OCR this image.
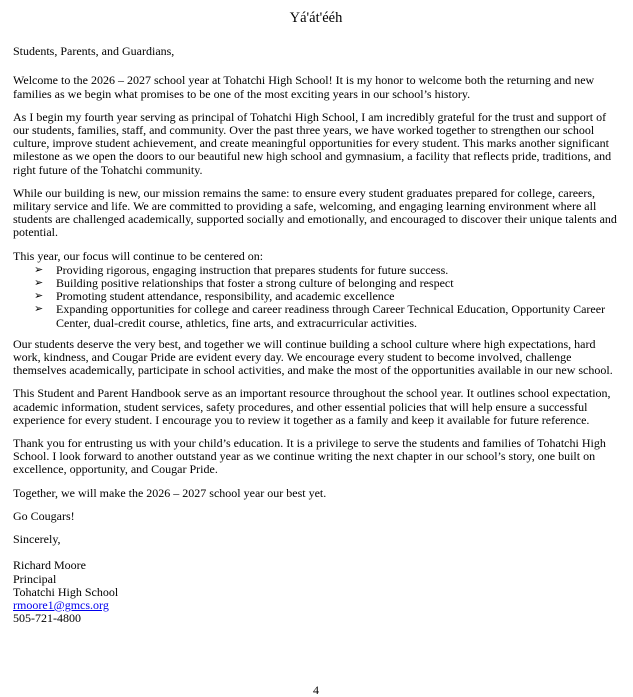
Yá'át'ééh

Students, Parents, and Guardians,

Welcome to the 2026 – 2027 school year at Tohatchi High School! It is my honor to welcome both the returning and new families as we begin what promises to be one of the most exciting years in our school’s history.

As I begin my fourth year serving as principal of Tohatchi High School, I am incredibly grateful for the trust and support of our students, families, staff, and community. Over the past three years, we have worked together to strengthen our school culture, improve student achievement, and create meaningful opportunities for every student. This marks another significant milestone as we open the doors to our beautiful new high school and gymnasium, a facility that reflects pride, traditions, and right future of the Tohatchi community.

While our building is new, our mission remains the same: to ensure every student graduates prepared for college, careers, military service and life. We are committed to providing a safe, welcoming, and engaging learning environment where all students are challenged academically, supported socially and emotionally, and encouraged to discover their unique talents and potential.

This year, our focus will continue to be centered on:

➢ Providing rigorous, engaging instruction that prepares students for future success.
➢ Building positive relationships that foster a strong culture of belonging and respect
➢ Promoting student attendance, responsibility, and academic excellence
➢ Expanding opportunities for college and career readiness through Career Technical Education, Opportunity Career Center, dual-credit course, athletics, fine arts, and extracurricular activities.

Our students deserve the very best, and together we will continue building a school culture where high expectations, hard work, kindness, and Cougar Pride are evident every day. We encourage every student to become involved, challenge themselves academically, participate in school activities, and make the most of the opportunities available in our new school.

This Student and Parent Handbook serve as an important resource throughout the school year. It outlines school expectation, academic information, student services, safety procedures, and other essential policies that will help ensure a successful experience for every student. I encourage you to review it together as a family and keep it available for future reference.

Thank you for entrusting us with your child’s education. It is a privilege to serve the students and families of Tohatchi High School. I look forward to another outstand year as we continue writing the next chapter in our school’s story, one built on excellence, opportunity, and Cougar Pride.

Together, we will make the 2026 – 2027 school year our best yet.

Go Cougars!

Sincerely,

Richard Moore
Principal
Tohatchi High School
rmoore1@gmcs.org
505-721-4800
4
